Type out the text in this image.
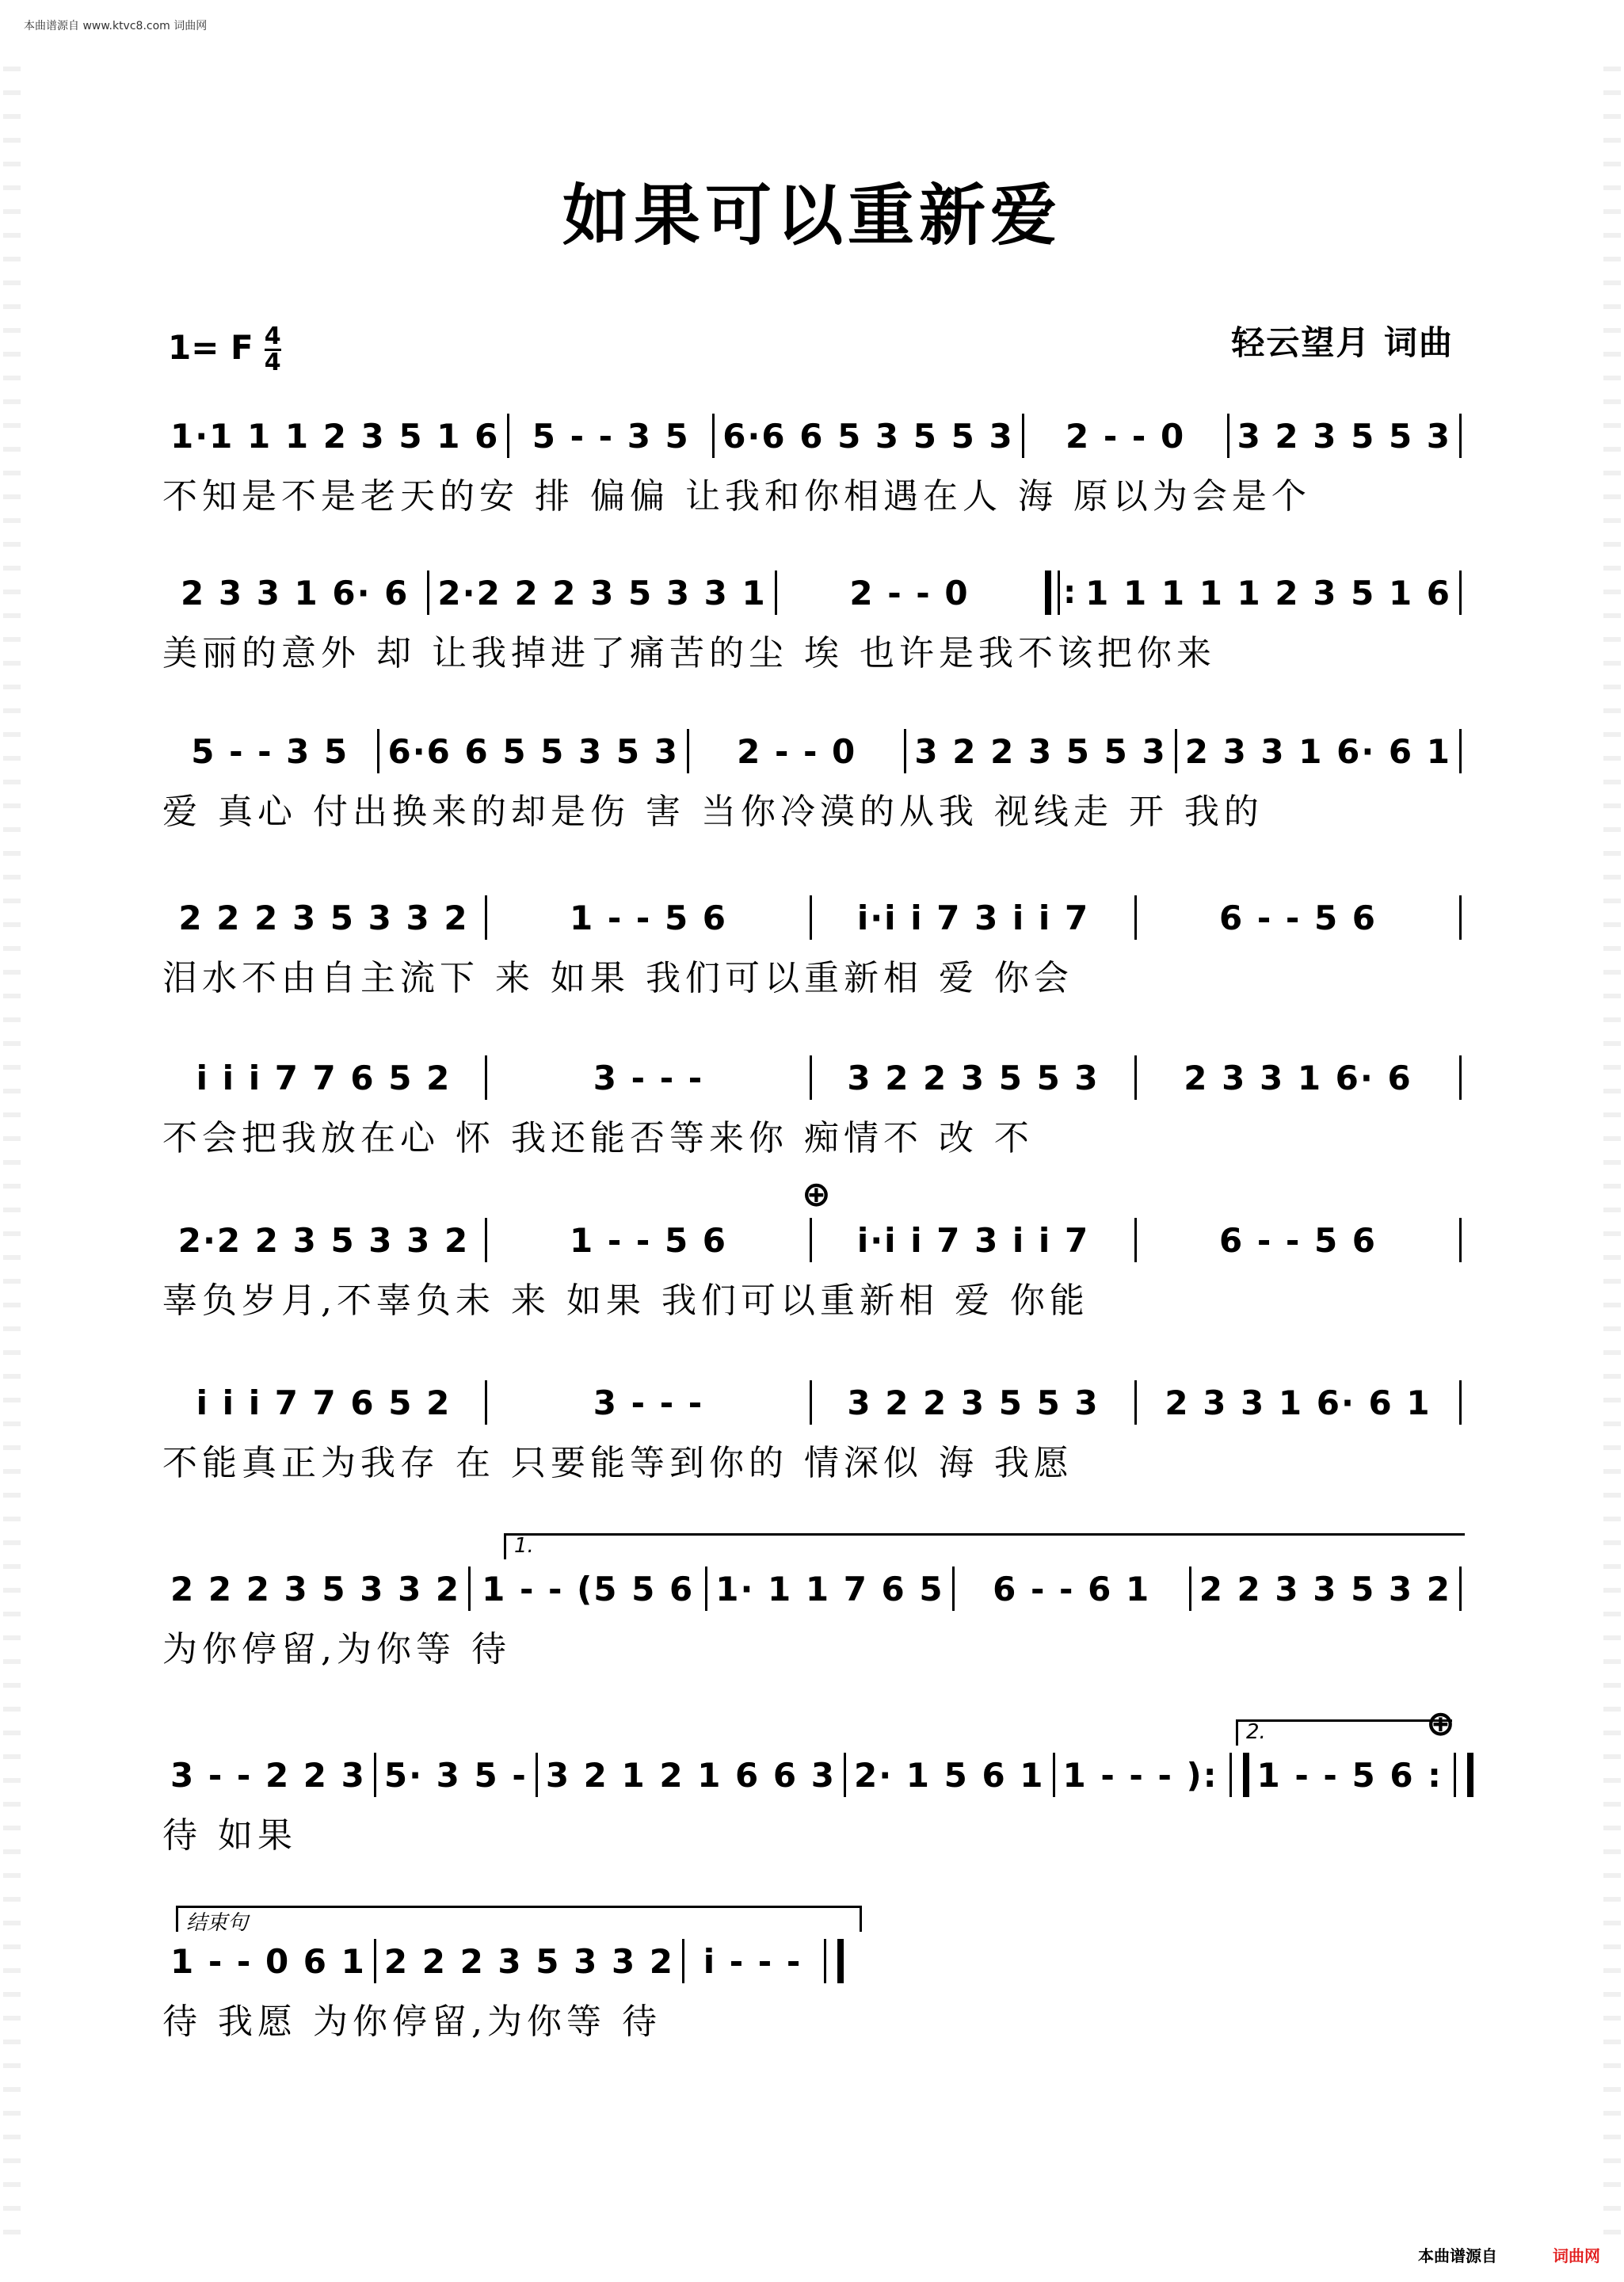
本曲谱源自 www.ktvc8.com 词曲网
如果可以重新爱
1= F $\frac{4}{4}$	轻云望月 词曲
1·1 1 1 2 3 5 1 6 5 - - 3 5 6·6 6 5 3 5 5 3	2 - - 0	3 2 3 5 5 3
不知是不是老天的安 排 偏偏 让我和你相遇在人 海 原以为会是个
2 3 3 1 6· 6 2·2 2 2 3 5 3 3 1	2 - - 0	: 1 1 1 1 1 2 3 5 1 6
美丽的意外 却 让我掉进了痛苦的尘 埃 也许是我不该把你来
5 - - 3 5	6·6 6 5 5 3 5 3	2 - - 0	3 2 2 3 5 5 3 2 3 3 1 6· 6 1
爱 真心 付出换来的却是伤 害 当你冷漠的从我 视线走 开 我的
2 2 2 3 5 3 3 2	1 - - 5 6	i·i i 7 3 i i 7	6 - - 5 6
泪水不由自主流下 来 如果 我们可以重新相 爱 你会
i i i 7 7 6 5 2	3 - - -	3 2 2 3 5 5 3	2 3 3 1 6· 6
不会把我放在心 怀 我还能否等来你 痴情不 改 不
⊕
2·2 2 3 5 3 3 2	1 - - 5 6	i·i i 7 3 i i 7	6 - - 5 6
辜负岁月,不辜负未 来 如果 我们可以重新相 爱 你能
i i i 7 7 6 5 2	3 - - -	3 2 2 3 5 5 3	2 3 3 1 6· 6 1
不能真正为我存 在 只要能等到你的 情深似 海 我愿
1.
2 2 2 3 5 3 3 2 1 - - (5 5 6 1· 1 1 7 6 5	6 - - 6 1	2 2 3 3 5 3 2
为你停留,为你等 待
2.	⊕
3 - - 2 2 3 5· 3 5 - 3 2 1 2 1 6 6 3 2· 1 5 6 1 1 - - - ): 1 - - 5 6 :
待 如果
结束句
1 - - 0 6 1 2 2 2 3 5 3 3 2 i - - -
待 我愿 为你停留,为你等 待
本曲谱源自	词曲网
